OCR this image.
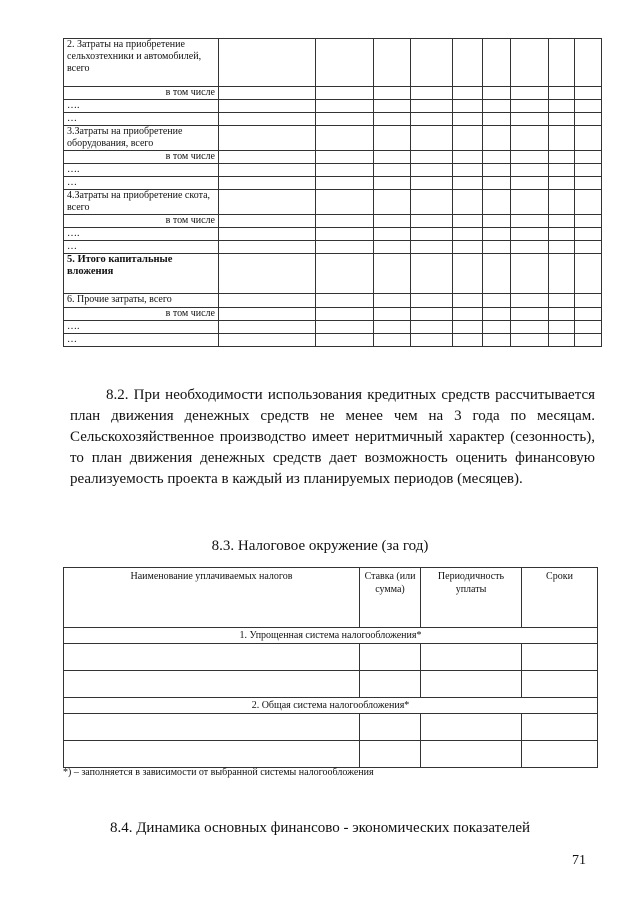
2. Затраты на приобретение сельхозтехники и автомобилей, всего									
в том числе									
….									
…									
3.Затраты на приобретение оборудования, всего									
в том числе									
….									
…									
4.Затраты на приобретение скота, всего									
в том числе									
….									
…									
5. Итого капитальные вложения									
6. Прочие затраты, всего									
в том числе									
….									
…									

8.2. При необходимости использования кредитных средств рассчитывается план движения денежных средств не менее чем на 3 года по месяцам. Сельскохозяйственное производство имеет неритмичный характер (сезонность), то план движения денежных средств дает возможность оценить финансовую реализуемость проекта в каждый из планируемых периодов (месяцев).

8.3. Налоговое окружение (за год)
Наименование уплачиваемых налогов	Ставка (или сумма)	Периодичность уплаты	Сроки
1. Упрощенная система налогообложения*			

2. Общая система налогообложения*			

*) – заполняется в зависимости от выбранной системы налогообложения
8.4. Динамика основных финансово - экономических показателей
71
